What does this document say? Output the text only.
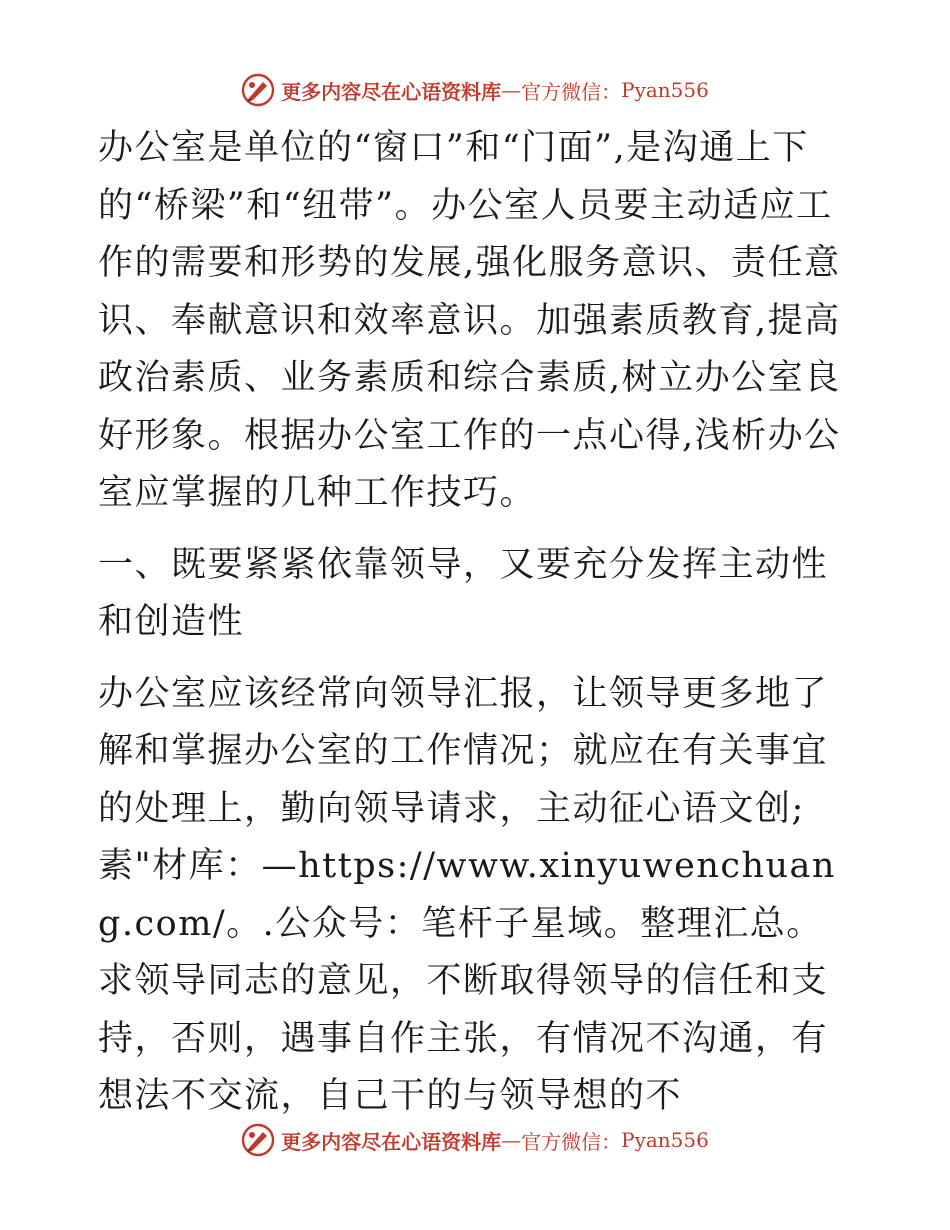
更多内容尽在心语资料库 — 官方微信： Pyan556

办公室是单位的“窗口”和“门面”,是沟通上下的“桥梁”和“纽带”。办公室人员要主动适应工作的需要和形势的发展,强化服务意识、责任意识、奉献意识和效率意识。加强素质教育,提高政治素质、业务素质和综合素质,树立办公室良好形象。根据办公室工作的一点心得,浅析办公室应掌握的几种工作技巧。

一、既要紧紧依靠领导，又要充分发挥主动性和创造性

办公室应该经常向领导汇报，让领导更多地了解和掌握办公室的工作情况；就应在有关事宜的处理上，勤向领导请求，主动征心语文创;素"材库：—https://www.xinyuwenchuang.com/。.公众号：笔杆子星域。整理汇总。求领导同志的意见，不断取得领导的信任和支持，否则，遇事自作主张，有情况不沟通，有想法不交流，自己干的与领导想的不

更多内容尽在心语资料库 — 官方微信： Pyan556
